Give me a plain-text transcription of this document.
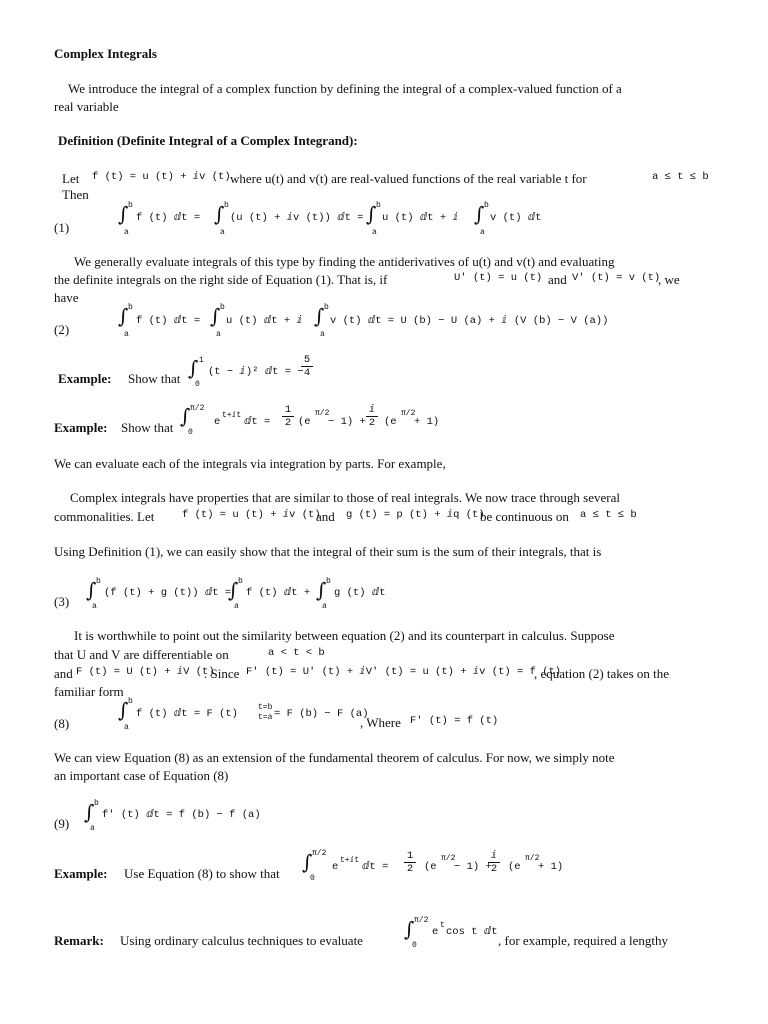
Complex Integrals
We introduce the integral of a complex function by defining the integral of a complex-valued function of a
real variable
Definition (Definite Integral of a Complex Integrand):
Let f (t) = u (t) + ⅈv (t) where u(t) and v(t) are real-valued functions of the real variable t for	a ≤ t ≤ b
Then
(1)
∫ b
a
f (t) ⅆt = ∫ b
a
(u (t) + ⅈv (t)) ⅆt = ∫ b
a
u (t) ⅆt + ⅈ ∫ b
a
v (t) ⅆt
We generally evaluate integrals of this type by finding the antiderivatives of u(t) and v(t) and evaluating
the definite integrals on the right side of Equation (1). That is, if	U' (t) = u (t) and V' (t) = v (t)
, we
have
(2)
∫ b
a
f (t) ⅆt = ∫ b
a
u (t) ⅆt + ⅈ ∫ b
a
v (t) ⅆt = U (b) − U (a) + ⅈ (V (b) − V (a))
Example: Show that ∫ 1
0
(t − ⅈ)² ⅆt = −
$\frac{5}{4}$
Example: Show that ∫ π/2
0
e
t+ⅈt
ⅆt = $\frac{1}{2} (e$
π/2
− 1) +
ⅈ
2 (e
π/2
+ 1)
We can evaluate each of the integrals via integration by parts. For example,
Complex integrals have properties that are similar to those of real integrals. We now trace through several
commonalities. Let	f (t) = u (t) + ⅈv (t)
and g (t) = p (t) + ⅈq (t)
be continuous on a ≤ t ≤ b
Using Definition (1), we can easily show that the integral of their sum is the sum of their integrals, that is
(3) ∫ b
a
(f (t) + g (t)) ⅆt =
∫ b
a
f (t) ⅆt + ∫ b
a
g (t) ⅆt
It is worthwhile to point out the similarity between equation (2) and its counterpart in calculus. Suppose
that U and V are differentiable on	a < t < b
and F (t) = U (t) + ⅈV (t)
. Since F' (t) = U' (t) + ⅈV' (t) = u (t) + ⅈv (t) = f (t)
, equation (2) takes on the
familiar form
(8)
∫ b
a
f (t) ⅆt = F (t)
t=b
t=a = F (b) − F (a)
, Where F' (t) = f (t)
We can view Equation (8) as an extension of the fundamental theorem of calculus. For now, we simply note
an important case of Equation (8)
(9) ∫ b
a
f' (t) ⅆt = f (b) − f (a)
Example: Use Equation (8) to show that ∫ π/2
0
e
t+ⅈt
ⅆt = $\frac{1}{2} (e$
π/2
− 1) +
ⅈ
2 (e
π/2
+ 1)
Remark: Using ordinary calculus techniques to evaluate ∫ π/2
0
e
t
cos t ⅆt
, for example, required a lengthy
